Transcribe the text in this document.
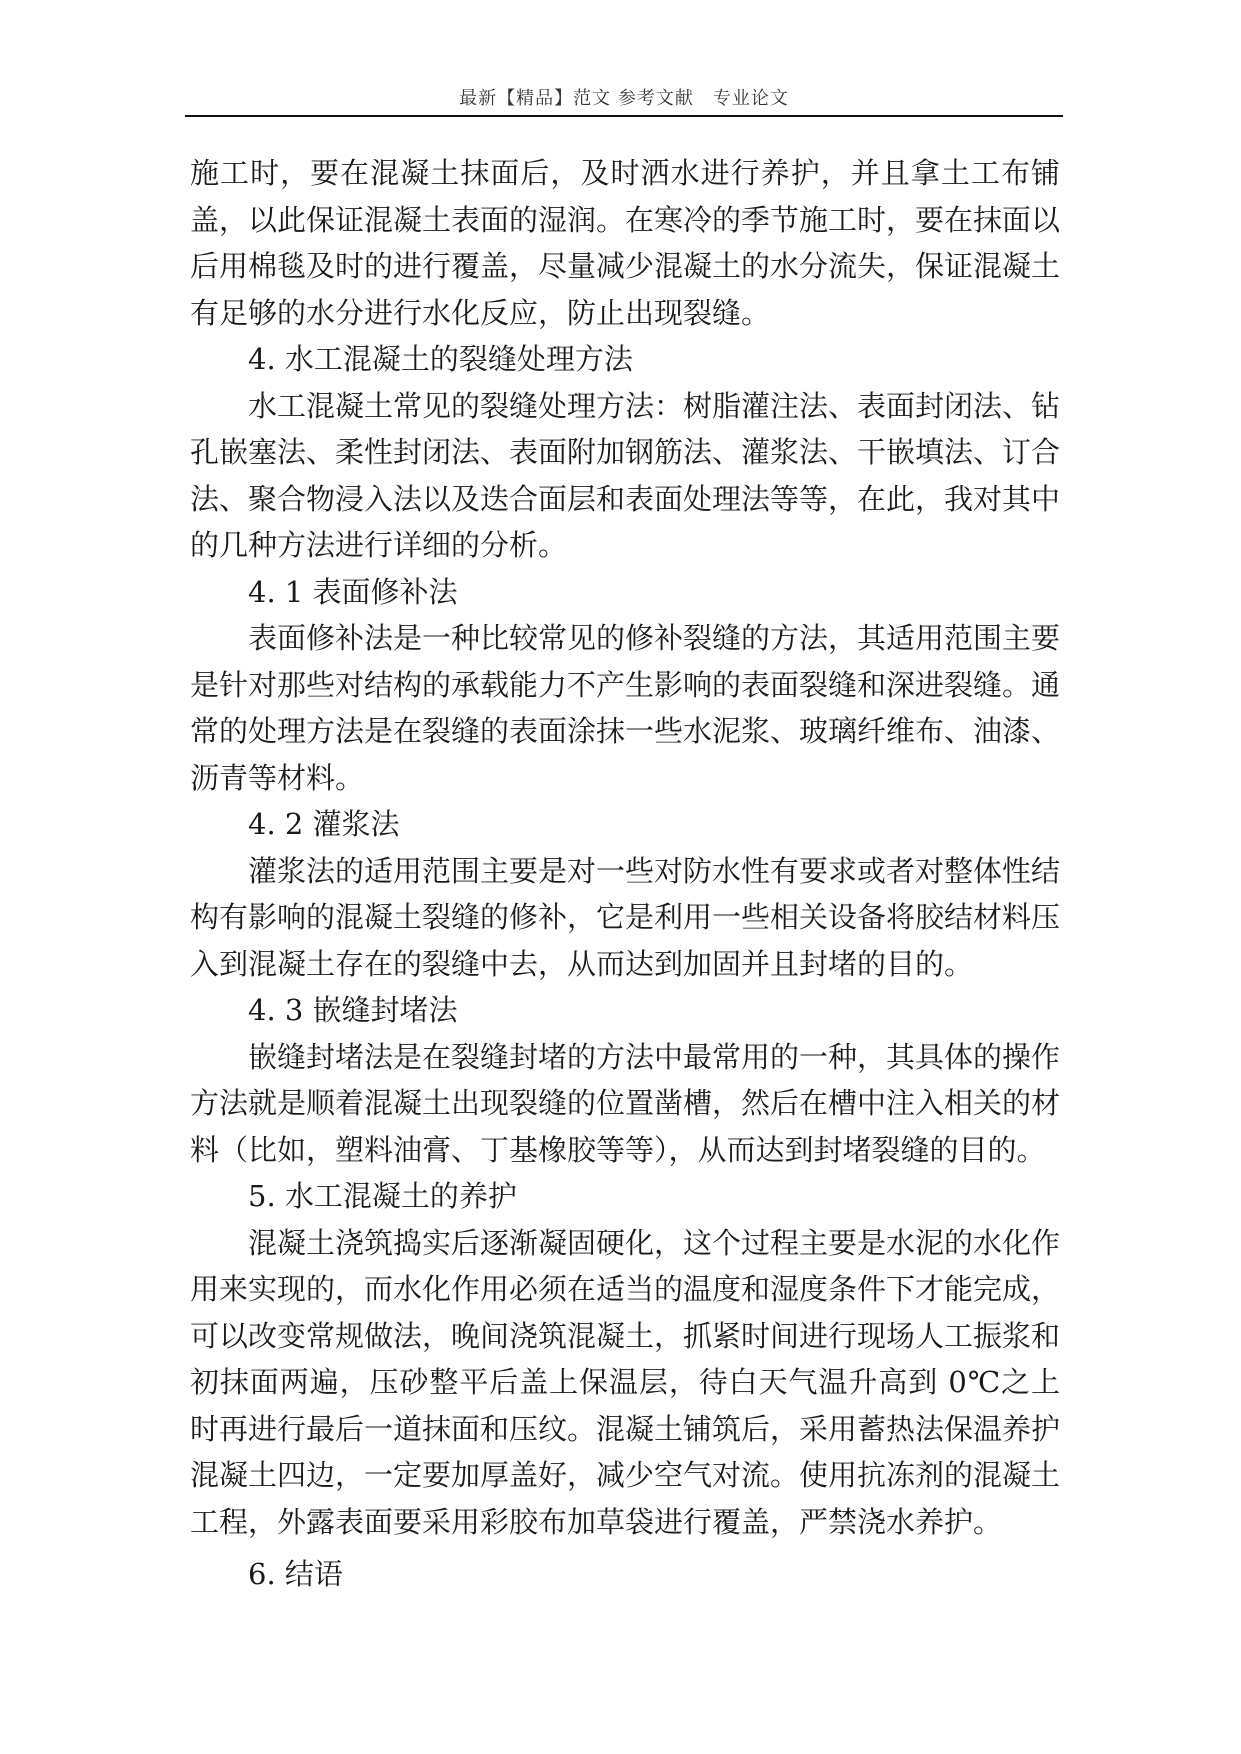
最新【精品】范文 参考文献　专业论文

施工时，要在混凝土抹面后，及时洒水进行养护，并且拿土工布铺盖，以此保证混凝土表面的湿润。在寒冷的季节施工时，要在抹面以后用棉毯及时的进行覆盖，尽量减少混凝土的水分流失，保证混凝土有足够的水分进行水化反应，防止出现裂缝。

4. 水工混凝土的裂缝处理方法

水工混凝土常见的裂缝处理方法：树脂灌注法、表面封闭法、钻孔嵌塞法、柔性封闭法、表面附加钢筋法、灌浆法、干嵌填法、订合法、聚合物浸入法以及迭合面层和表面处理法等等，在此，我对其中的几种方法进行详细的分析。

4. 1 表面修补法

表面修补法是一种比较常见的修补裂缝的方法，其适用范围主要是针对那些对结构的承载能力不产生影响的表面裂缝和深进裂缝。通常的处理方法是在裂缝的表面涂抹一些水泥浆、玻璃纤维布、油漆、沥青等材料。

4. 2 灌浆法

灌浆法的适用范围主要是对一些对防水性有要求或者对整体性结构有影响的混凝土裂缝的修补，它是利用一些相关设备将胶结材料压入到混凝土存在的裂缝中去，从而达到加固并且封堵的目的。

4. 3 嵌缝封堵法

嵌缝封堵法是在裂缝封堵的方法中最常用的一种，其具体的操作方法就是顺着混凝土出现裂缝的位置凿槽，然后在槽中注入相关的材料（比如，塑料油膏、丁基橡胶等等），从而达到封堵裂缝的目的。

5. 水工混凝土的养护

混凝土浇筑捣实后逐渐凝固硬化，这个过程主要是水泥的水化作用来实现的，而水化作用必须在适当的温度和湿度条件下才能完成，可以改变常规做法，晚间浇筑混凝土，抓紧时间进行现场人工振浆和初抹面两遍，压砂整平后盖上保温层，待白天气温升高到 0℃之上时再进行最后一道抹面和压纹。混凝土铺筑后，采用蓄热法保温养护混凝土四边，一定要加厚盖好，减少空气对流。使用抗冻剂的混凝土工程，外露表面要采用彩胶布加草袋进行覆盖，严禁浇水养护。

6. 结语
